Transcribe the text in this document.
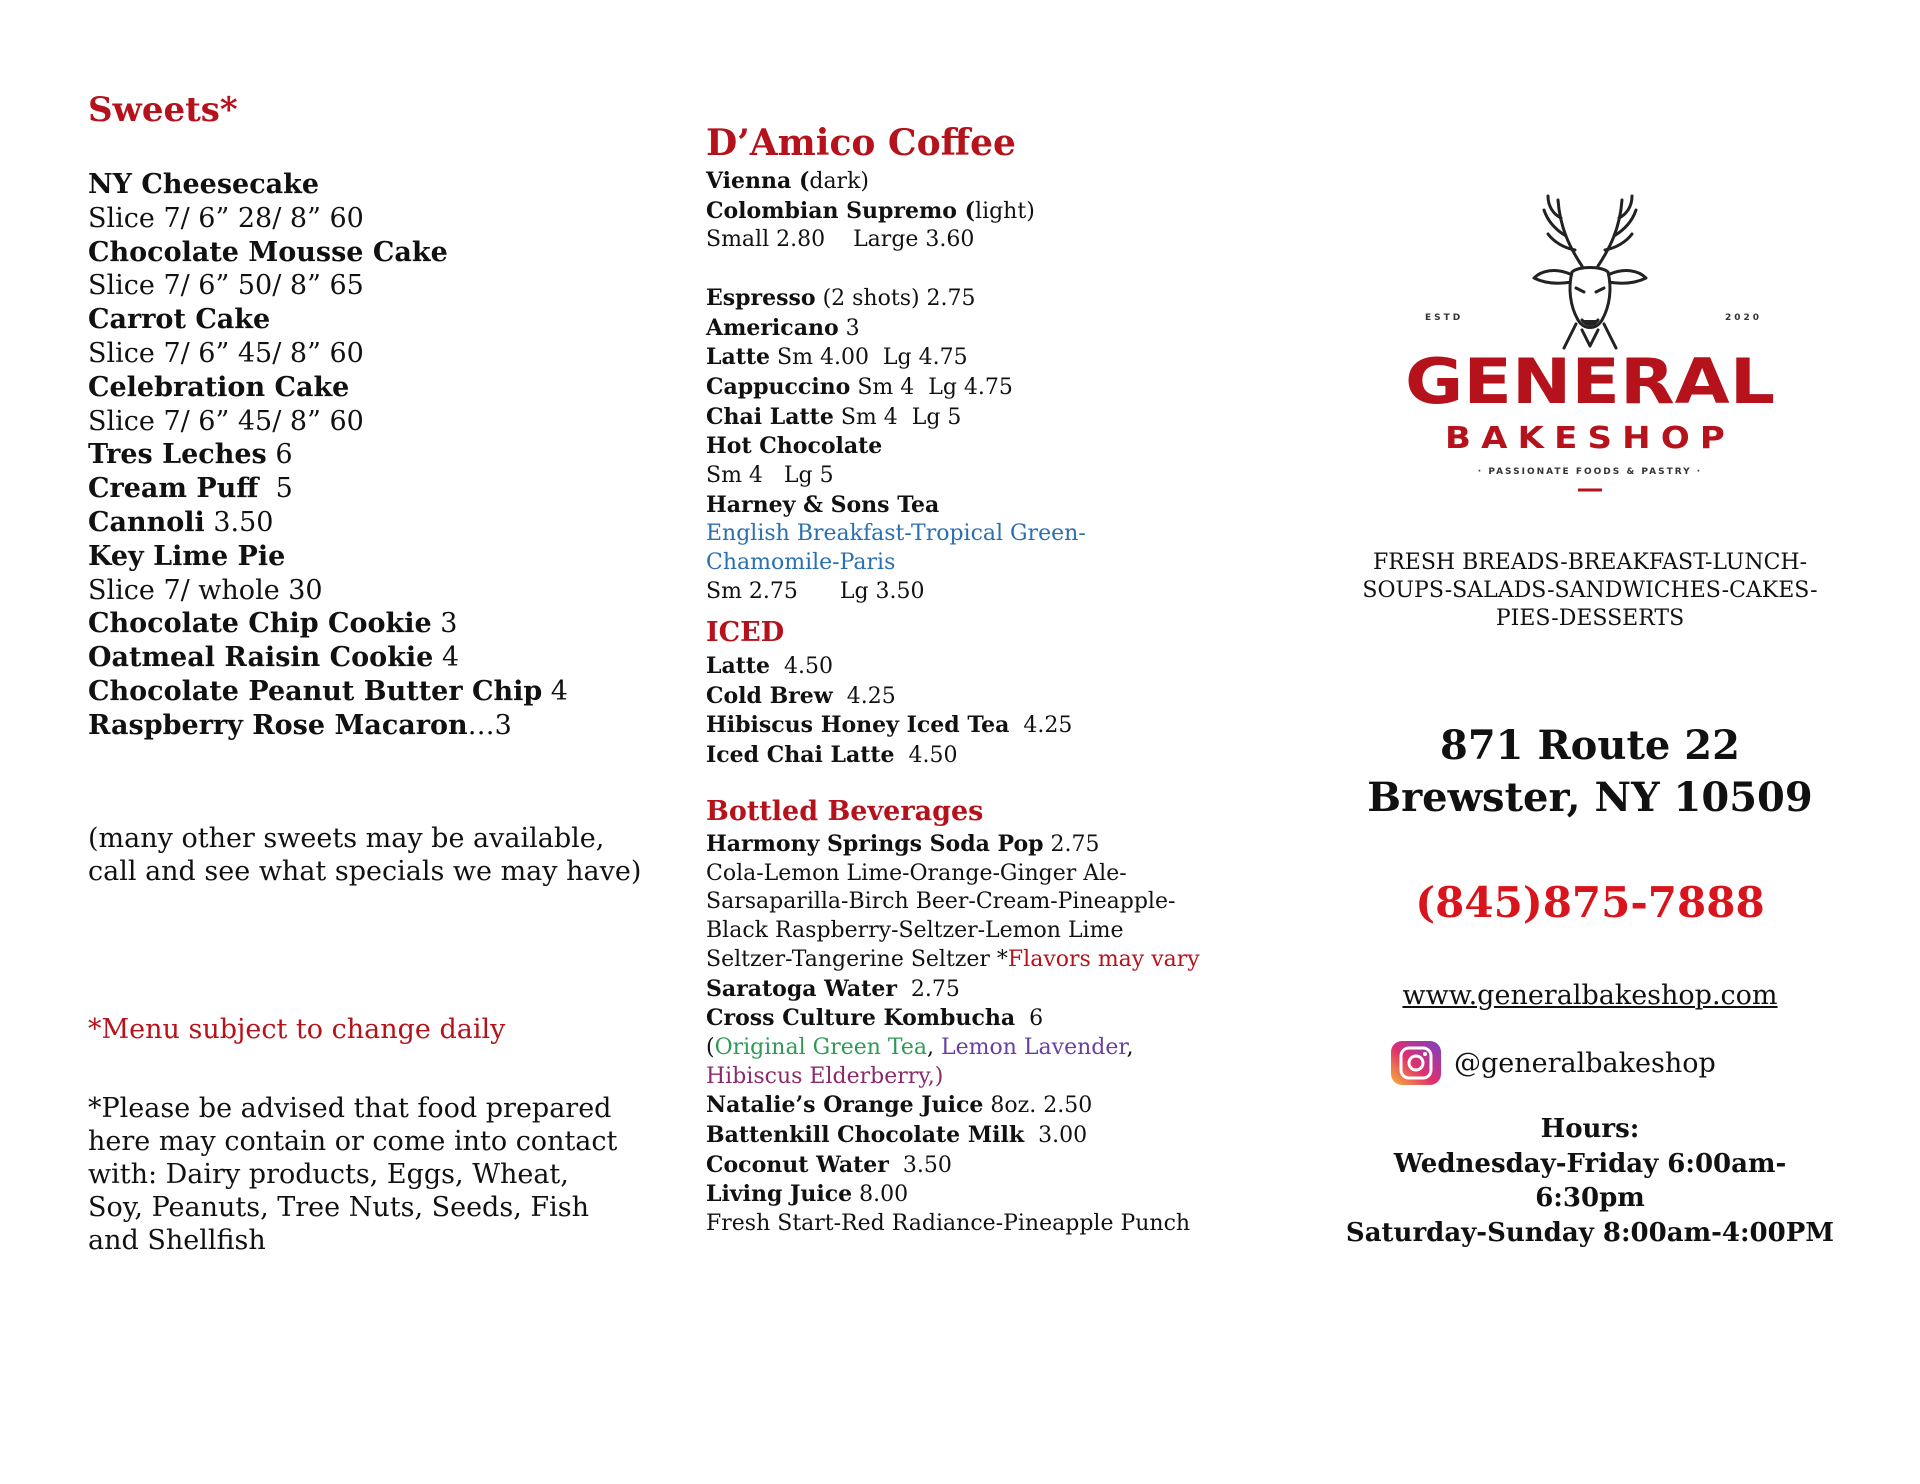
Sweets*
NY Cheesecake
Slice 7/ 6” 28/ 8” 60
Chocolate Mousse Cake
Slice 7/ 6” 50/ 8” 65
Carrot Cake
Slice 7/ 6” 45/ 8” 60
Celebration Cake
Slice 7/ 6” 45/ 8” 60
Tres Leches 6
Cream Puff  5
Cannoli 3.50
Key Lime Pie
Slice 7/ whole 30
Chocolate Chip Cookie 3
Oatmeal Raisin Cookie 4
Chocolate Peanut Butter Chip 4
Raspberry Rose Macaron…3
(many other sweets may be available, call and see what specials we may have)
*Menu subject to change daily
*Please be advised that food prepared here may contain or come into contact with: Dairy products, Eggs, Wheat, Soy, Peanuts, Tree Nuts, Seeds, Fish and Shellfish
D’Amico Coffee
Vienna (dark)
Colombian Supremo (light)
Small 2.80    Large 3.60
Espresso (2 shots) 2.75
Americano 3
Latte Sm 4.00  Lg 4.75
Cappuccino Sm 4  Lg 4.75
Chai Latte Sm 4  Lg 5
Hot Chocolate
Sm 4   Lg 5
Harney & Sons Tea
English Breakfast-Tropical Green-
Chamomile-Paris
Sm 2.75      Lg 3.50
ICED
Latte  4.50
Cold Brew  4.25
Hibiscus Honey Iced Tea  4.25
Iced Chai Latte  4.50
Bottled Beverages
Harmony Springs Soda Pop 2.75
Cola-Lemon Lime-Orange-Ginger Ale-
Sarsaparilla-Birch Beer-Cream-Pineapple-
Black Raspberry-Seltzer-Lemon Lime
Seltzer-Tangerine Seltzer *Flavors may vary
Saratoga Water  2.75
Cross Culture Kombucha  6
(Original Green Tea, Lemon Lavender,
Hibiscus Elderberry,)
Natalie’s Orange Juice 8oz. 2.50
Battenkill Chocolate Milk  3.00
Coconut Water  3.50
Living Juice 8.00
Fresh Start-Red Radiance-Pineapple Punch
ESTD	2020
GENERAL
BAKESHOP
· PASSIONATE FOODS & PASTRY ·
FRESH BREADS-BREAKFAST-LUNCH-
SOUPS-SALADS-SANDWICHES-CAKES-
PIES-DESSERTS
871 Route 22
Brewster, NY 10509
(845)875-7888
www.generalbakeshop.com
@generalbakeshop
Hours:
Wednesday-Friday 6:00am-
6:30pm
Saturday-Sunday 8:00am-4:00PM
